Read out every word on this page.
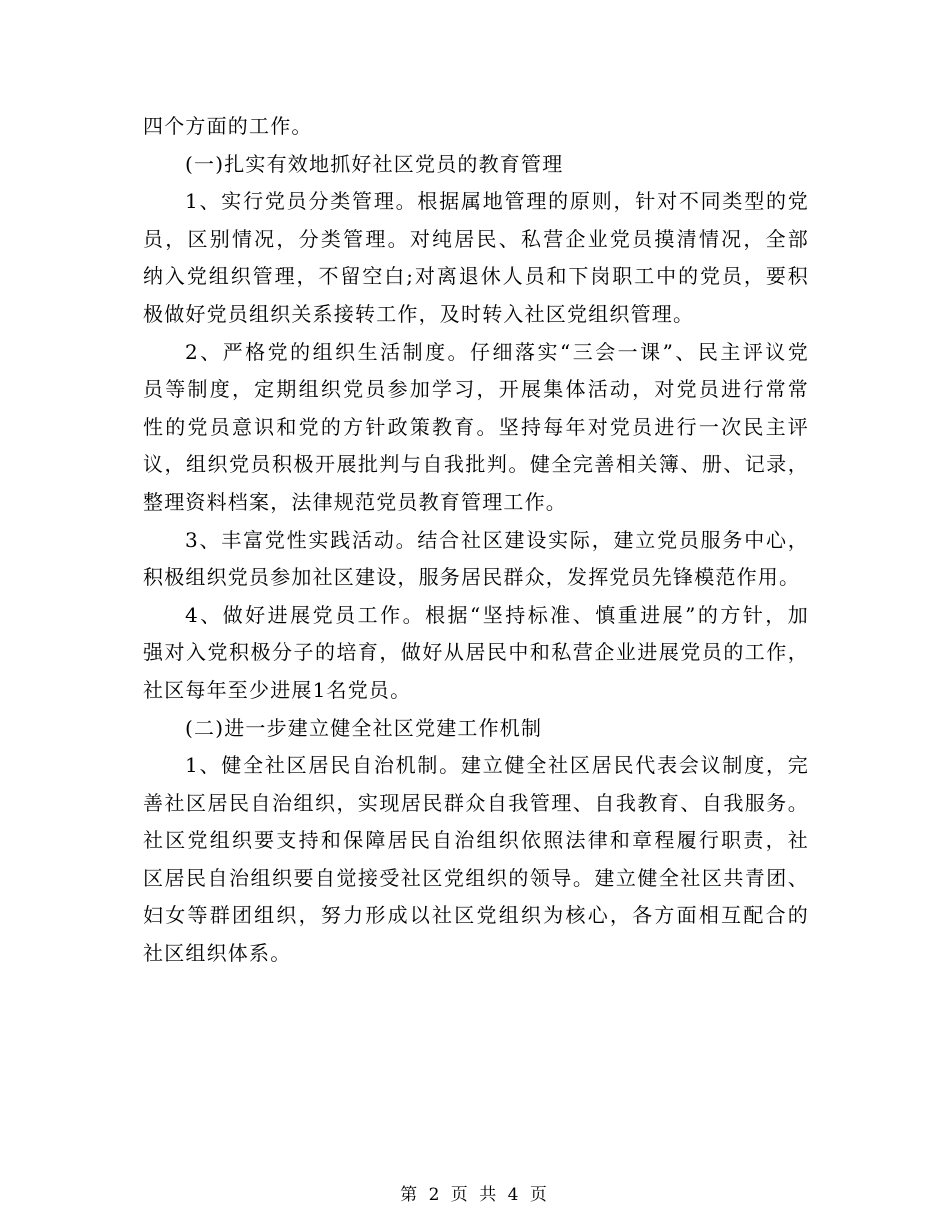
四个方面的工作。
(一)扎实有效地抓好社区党员的教育管理
1、实行党员分类管理。根据属地管理的原则，针对不同类型的党
员，区别情况，分类管理。对纯居民、私营企业党员摸清情况，全部
纳入党组织管理，不留空白;对离退休人员和下岗职工中的党员，要积
极做好党员组织关系接转工作，及时转入社区党组织管理。
2、严格党的组织生活制度。仔细落实“三会一课”、民主评议党
员等制度，定期组织党员参加学习，开展集体活动，对党员进行常常
性的党员意识和党的方针政策教育。坚持每年对党员进行一次民主评
议，组织党员积极开展批判与自我批判。健全完善相关簿、册、记录，
整理资料档案，法律规范党员教育管理工作。
3、丰富党性实践活动。结合社区建设实际，建立党员服务中心，
积极组织党员参加社区建设，服务居民群众，发挥党员先锋模范作用。
4、做好进展党员工作。根据“坚持标准、慎重进展”的方针，加
强对入党积极分子的培育，做好从居民中和私营企业进展党员的工作，
社区每年至少进展1名党员。
(二)进一步建立健全社区党建工作机制
1、健全社区居民自治机制。建立健全社区居民代表会议制度，完
善社区居民自治组织，实现居民群众自我管理、自我教育、自我服务。
社区党组织要支持和保障居民自治组织依照法律和章程履行职责，社
区居民自治组织要自觉接受社区党组织的领导。建立健全社区共青团、
妇女等群团组织，努力形成以社区党组织为核心，各方面相互配合的
社区组织体系。
第 2 页 共 4 页
